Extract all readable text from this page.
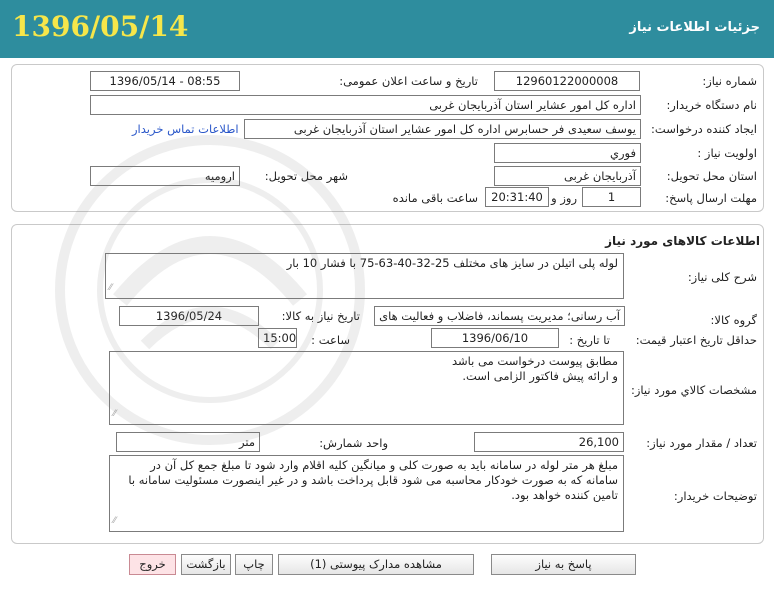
جزئیات اطلاعات نیاز
1396/05/14
شماره نیاز:
12960122000008
تاریخ و ساعت اعلان عمومی:
1396/05/14 - 08:55
نام دستگاه خریدار:
اداره کل امور عشایر استان آذربایجان غربی
ایجاد کننده درخواست:
یوسف سعیدی فر حسابرس اداره کل امور عشایر استان آذربایجان غربی
اطلاعات تماس خریدار
اولویت نیاز :
فوري
استان محل تحویل:
آذربایجان غربی
شهر محل تحویل:
ارومیه
مهلت ارسال پاسخ:
1
روز و
20:31:40
ساعت باقی مانده
اطلاعات کالاهای مورد نیاز
شرح کلی نیاز:
لوله پلی اتیلن در سایز های مختلف 25-32-40-63-75 با فشار 10 بار
⁄⁄
گروه کالا:
آب رسانی؛ مدیریت پسماند، فاضلاب و فعالیت های
تاریخ نیاز به کالا:
1396/05/24
حداقل تاریخ اعتبار قیمت:
تا تاریخ :
1396/06/10
ساعت :
15:00
مشخصات کالاي مورد نياز:
مطابق پیوست درخواست می باشد
و ارائه پیش فاکتور الزامی است.
⁄⁄
تعداد / مقدار مورد نیاز:
26,100
واحد شمارش:
متر
توضیحات خریدار:
مبلغ هر متر لوله در سامانه باید به صورت کلی و میانگین کلیه اقلام وارد شود تا مبلغ جمع کل آن در سامانه که به صورت خودکار محاسبه می شود قابل پرداخت باشد و در غیر اینصورت مسئولیت سامانه با تامین کننده خواهد بود.
⁄⁄
پاسخ به نیاز
مشاهده مدارک پیوستی (1)
چاپ
بازگشت
خروج
